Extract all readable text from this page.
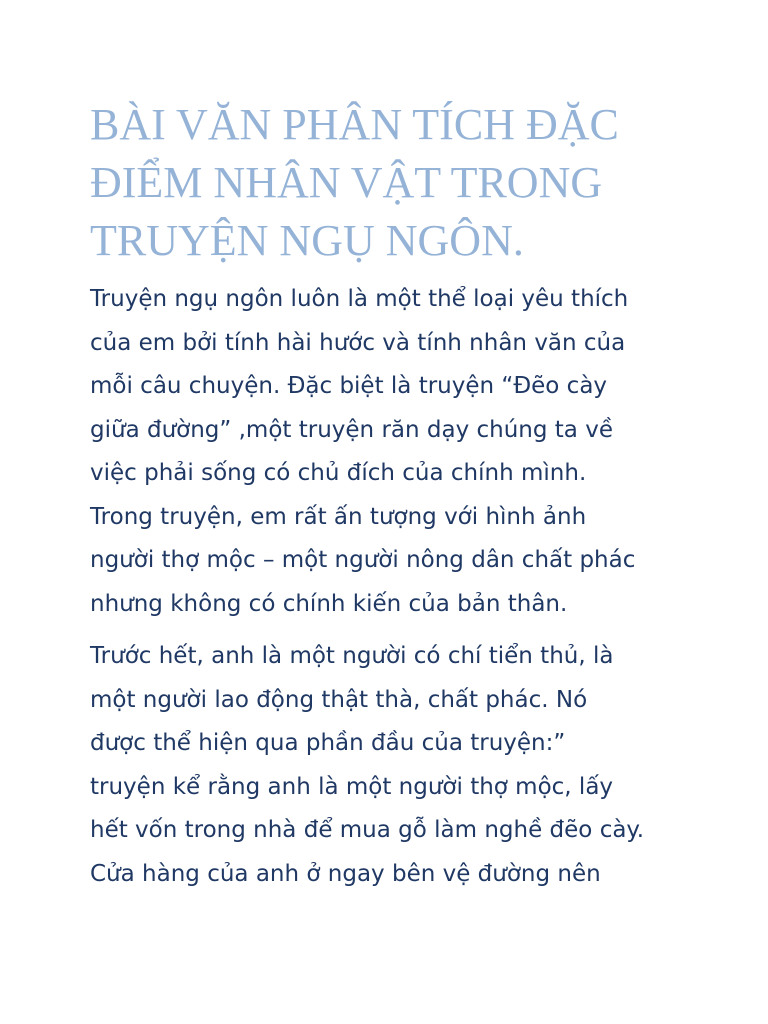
BÀI VĂN PHÂN TÍCH ĐẶC
ĐIỂM NHÂN VẬT TRONG
TRUYỆN NGỤ NGÔN.

Truyện ngụ ngôn luôn là một thể loại yêu thích
của em bởi tính hài hước và tính nhân văn của
mỗi câu chuyện. Đặc biệt là truyện “Đẽo cày
giữa đường” ,một truyện răn dạy chúng ta về
việc phải sống có chủ đích của chính mình.
Trong truyện, em rất ấn tượng với hình ảnh
người thợ mộc – một người nông dân chất phác
nhưng không có chính kiến của bản thân.

Trước hết, anh là một người có chí tiển thủ, là
một người lao động thật thà, chất phác. Nó
được thể hiện qua phần đầu của truyện:”
truyện kể rằng anh là một người thợ mộc, lấy
hết vốn trong nhà để mua gỗ làm nghề đẽo cày.
Cửa hàng của anh ở ngay bên vệ đường nên
